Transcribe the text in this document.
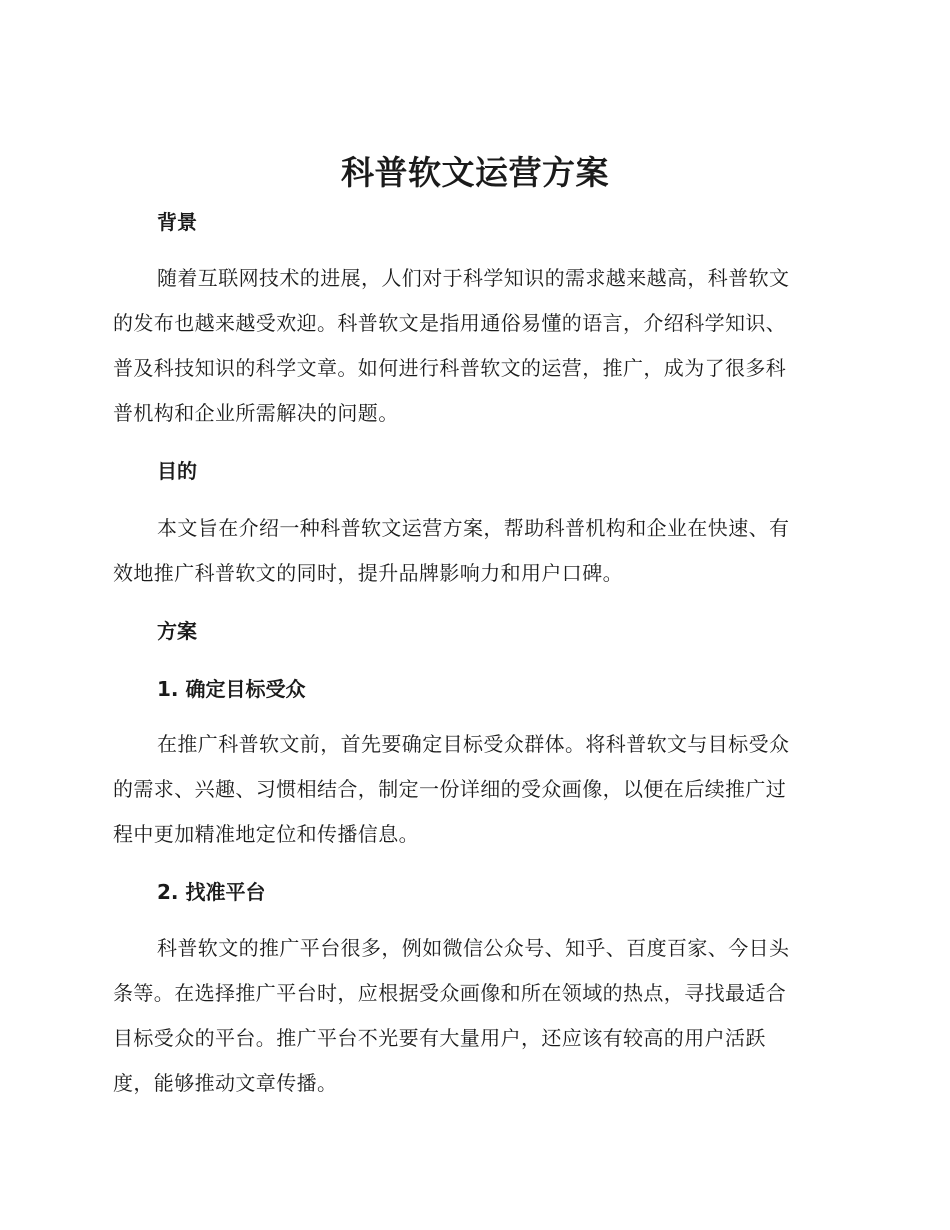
科普软文运营方案
背景

随着互联网技术的进展，人们对于科学知识的需求越来越高，科普软文
的发布也越来越受欢迎。科普软文是指用通俗易懂的语言，介绍科学知识、
普及科技知识的科学文章。如何进行科普软文的运营，推广，成为了很多科
普机构和企业所需解决的问题。

目的

本文旨在介绍一种科普软文运营方案，帮助科普机构和企业在快速、有
效地推广科普软文的同时，提升品牌影响力和用户口碑。

方案
1. 确定目标受众

在推广科普软文前，首先要确定目标受众群体。将科普软文与目标受众
的需求、兴趣、习惯相结合，制定一份详细的受众画像，以便在后续推广过
程中更加精准地定位和传播信息。

2. 找准平台

科普软文的推广平台很多，例如微信公众号、知乎、百度百家、今日头
条等。在选择推广平台时，应根据受众画像和所在领域的热点，寻找最适合
目标受众的平台。推广平台不光要有大量用户，还应该有较高的用户活跃
度，能够推动文章传播。
